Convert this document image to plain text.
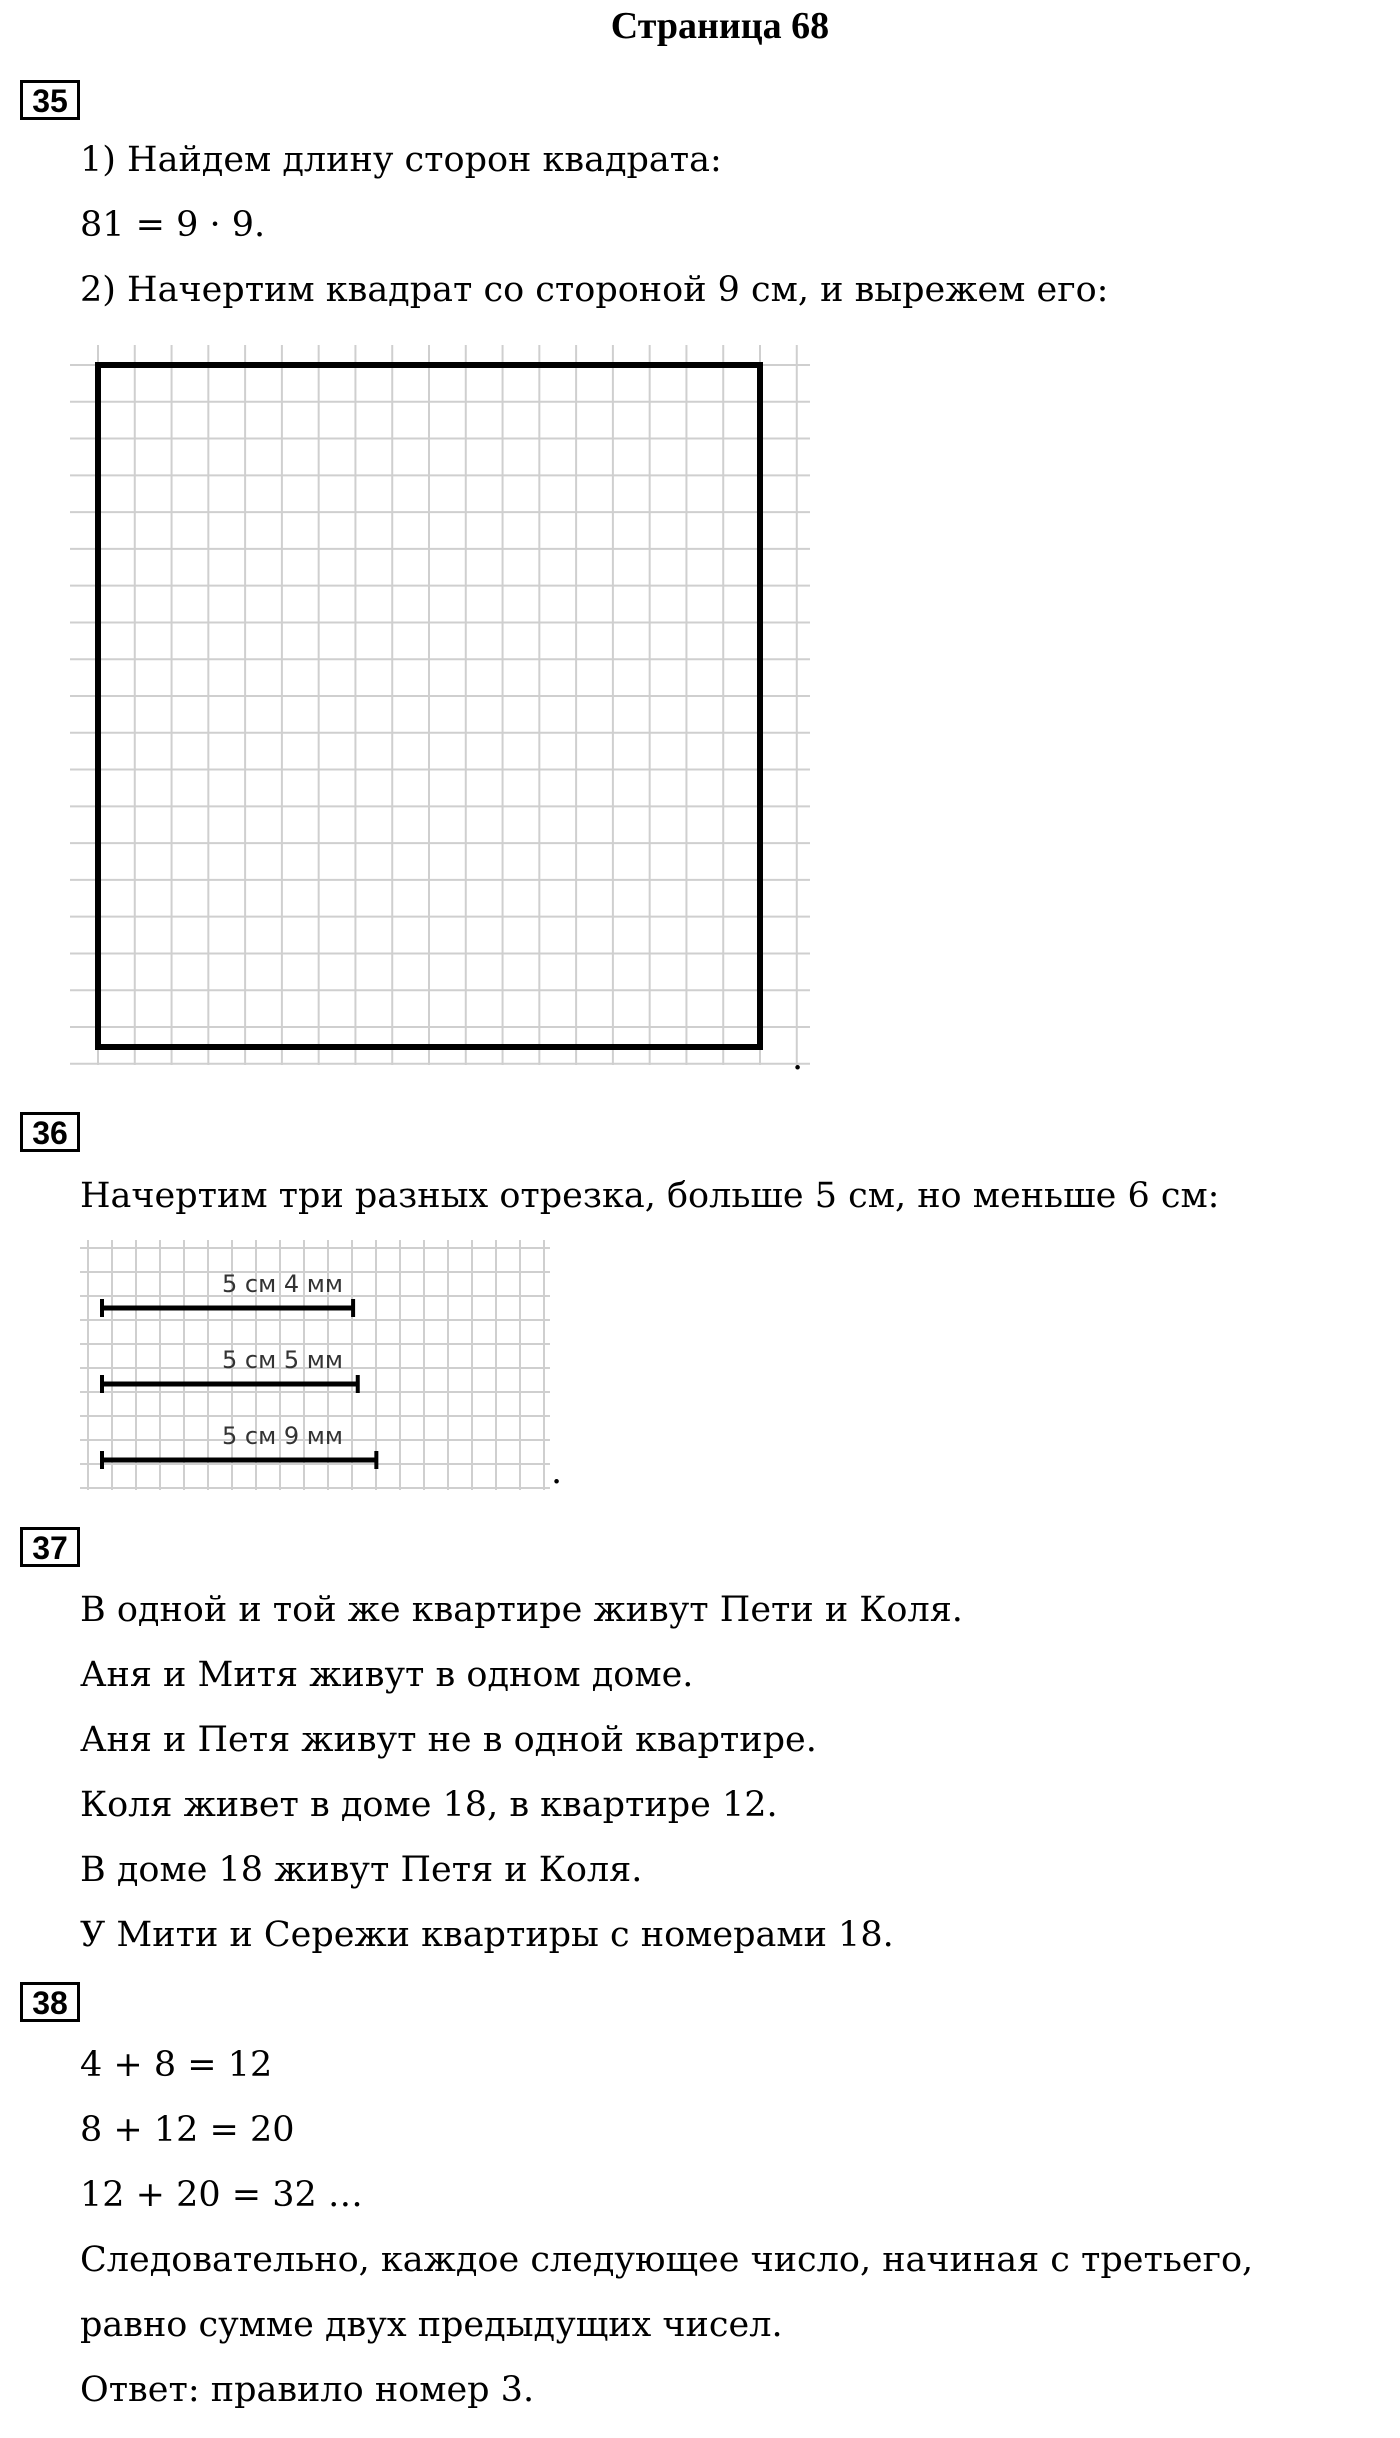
Страница 68
35
1) Найдем длину сторон квадрата:
81 = 9 · 9.
2) Начертим квадрат со стороной 9 см, и вырежем его:
.
36
Начертим три разных отрезка, больше 5 см, но меньше 6 см:
5 см 4 мм
5 см 5 мм
5 см 9 мм
.
37
В одной и той же квартире живут Пети и Коля.
Аня и Митя живут в одном доме.
Аня и Петя живут не в одной квартире.
Коля живет в доме 18, в квартире 12.
В доме 18 живут Петя и Коля.
У Мити и Сережи квартиры с номерами 18.
38
4 + 8 = 12
8 + 12 = 20
12 + 20 = 32 …
Следовательно, каждое следующее число, начиная с третьего,
равно сумме двух предыдущих чисел.
Ответ: правило номер 3.
